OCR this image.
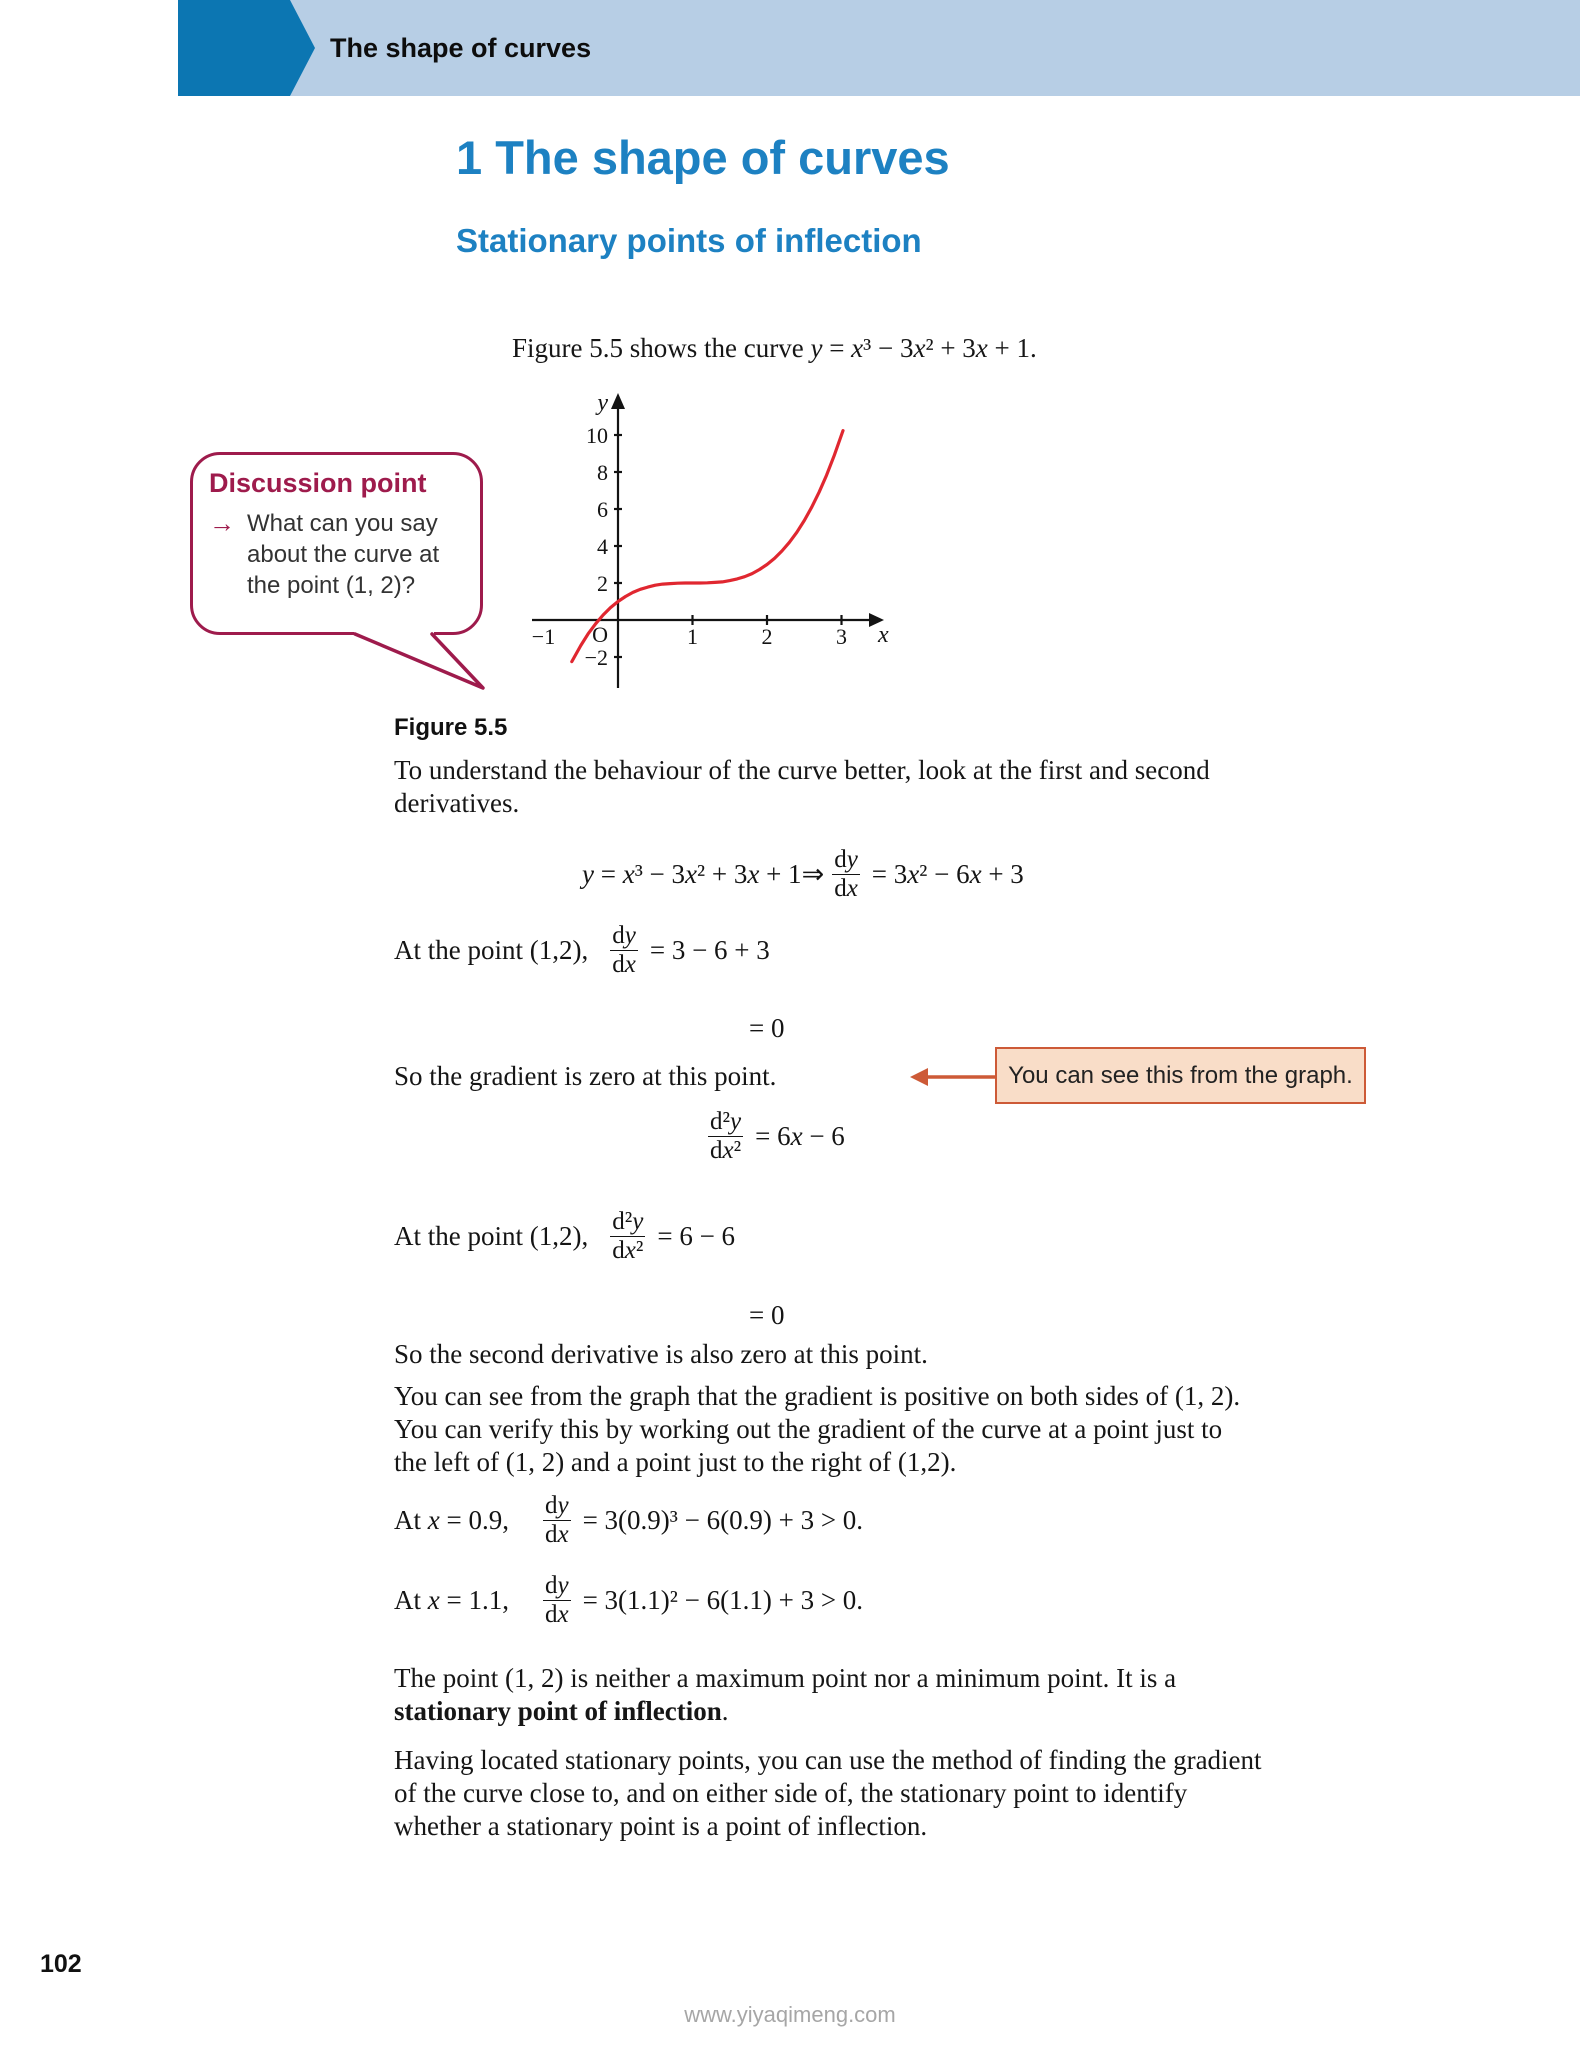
The shape of curves
1 The shape of curves
Stationary points of inflection
Figure 5.5 shows the curve y = x³ − 3x² + 3x + 1.
y
x
O
10
8
6
4
2
−2
−1	1	2	3
Discussion point
→ What can you say
about the curve at
the point (1, 2)?
Figure 5.5
To understand the behaviour of the curve better, look at the first and second
derivatives.
y = x³ − 3x² + 3x + 1 ⇒ $\frac{dy}{dx} = 3x^2 - 6x + 3$
At the point (1,2), $\frac{dy}{dx} = 3 - 6 + 3$
= 0
So the gradient is zero at this point.	You can see this from the graph.
$\frac{\text{d²y}}{\text{dx²}} = 6x - 6$
At the point (1,2), $\frac{\text{d²y}}{\text{dx²}} = 6 - 6$
= 0
So the second derivative is also zero at this point.
You can see from the graph that the gradient is positive on both sides of (1, 2).
You can verify this by working out the gradient of the curve at a point just to
the left of (1, 2) and a point just to the right of (1,2).
At x = 0.9, $\frac{dy}{dx} = 3(0.9)^3 - 6(0.9) + 3 > 0$.
At x = 1.1, $\frac{dy}{dx} = 3(1.1)^2 - 6(1.1) + 3 > 0$.
The point (1, 2) is neither a maximum point nor a minimum point. It is a
stationary point of inflection.
Having located stationary points, you can use the method of finding the gradient
of the curve close to, and on either side of, the stationary point to identify
whether a stationary point is a point of inflection.
102
www.yiyaqimeng.com
